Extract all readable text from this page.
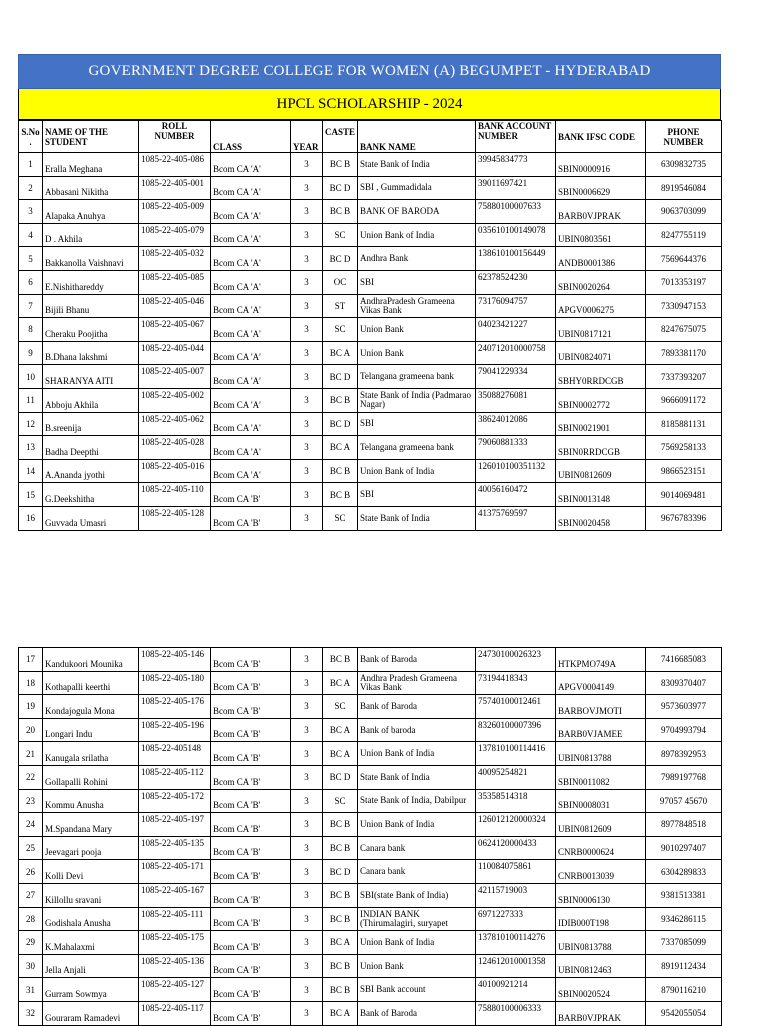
GOVERNMENT DEGREE COLLEGE FOR WOMEN (A) BEGUMPET - HYDERABAD
HPCL SCHOLARSHIP - 2024
S.No .	NAME OF THE STUDENT	ROLL NUMBER	CLASS	YEAR	CASTE	BANK NAME	BANK ACCOUNT NUMBER	BANK IFSC CODE	PHONE NUMBER
1	Eralla Meghana	1085-22-405-086	Bcom CA 'A'	3	BC B	State Bank of India	39945834773	SBIN0000916	6309832735
2	Abbasani Nikitha	1085-22-405-001	Bcom CA 'A'	3	BC D	SBI , Gummadidala	39011697421	SBIN0006629	8919546084
3	Alapaka Anuhya	1085-22-405-009	Bcom CA 'A'	3	BC B	BANK OF BARODA	75880100007633	BARB0VJPRAK	9063703099
4	D . Akhila	1085-22-405-079	Bcom CA 'A'	3	SC	Union Bank of India	035610100149078	UBIN0803561	8247755119
5	Bakkanolla Vaishnavi	1085-22-405-032	Bcom CA 'A'	3	BC D	Andhra Bank	138610100156449	ANDB0001386	7569644376
6	E.Nishithareddy	1085-22-405-085	Bcom CA 'A'	3	OC	SBI	62378524230	SBIN0020264	7013353197
7	Bijili Bhanu	1085-22-405-046	Bcom CA 'A'	3	ST	AndhraPradesh Grameena Vikas Bank	73176094757	APGV0006275	7330947153
8	Cheraku Poojitha	1085-22-405-067	Bcom CA 'A'	3	SC	Union Bank	04023421227	UBIN0817121	8247675075
9	B.Dhana lakshmi	1085-22-405-044	Bcom CA 'A'	3	BC A	Union Bank	240712010000758	UBIN0824071	7893381170
10	SHARANYA AITI	1085-22-405-007	Bcom CA 'A'	3	BC D	Telangana grameena bank	79041229334	SBHY0RRDCGB	7337393207
11	Abboju Akhila	1085-22-405-002	Bcom CA 'A'	3	BC B	State Bank of India (Padmarao Nagar)	35088276081	SBIN0002772	9666091172
12	B.sreenija	1085-22-405-062	Bcom CA 'A'	3	BC D	SBI	38624012086	SBIN0021901	8185881131
13	Badha Deepthi	1085-22-405-028	Bcom CA 'A'	3	BC A	Telangana grameena bank	79060881333	SBIN0RRDCGB	7569258133
14	A.Ananda jyothi	1085-22-405-016	Bcom CA 'A'	3	BC B	Union Bank of India	126010100351132	UBIN0812609	9866523151
15	G.Deekshitha	1085-22-405-110	Bcom CA 'B'	3	BC B	SBI	40056160472	SBIN0013148	9014069481
16	Guvvada Umasri	1085-22-405-128	Bcom CA 'B'	3	SC	State Bank of India	41375769597	SBIN0020458	9676783396
17	Kandukoori Mounika	1085-22-405-146	Bcom CA 'B'	3	BC B	Bank of Baroda	24730100026323	HTKPMO749A	7416685083
18	Kothapalli keerthi	1085-22-405-180	Bcom CA 'B'	3	BC A	Andhra Pradesh Grameena Vikas Bank	73194418343	APGV0004149	8309370407
19	Kondajogula Mona	1085-22-405-176	Bcom CA 'B'	3	SC	Bank of Baroda	75740100012461	BARBOVJMOTI	9573603977
20	Longari Indu	1085-22-405-196	Bcom CA 'B'	3	BC A	Bank of baroda	83260100007396	BARB0VJAMEE	9704993794
21	Kanugala srilatha	1085-22-405148	Bcom CA 'B'	3	BC A	Union Bank of India	137810100114416	UBIN0813788	8978392953
22	Gollapalli Rohini	1085-22-405-112	Bcom CA 'B'	3	BC D	State Bank of India	40095254821	SBIN0011082	7989197768
23	Kommu Anusha	1085-22-405-172	Bcom CA 'B'	3	SC	State Bank of India, Dabilpur	35358514318	SBIN0008031	97057 45670
24	M.Spandana Mary	1085-22-405-197	Bcom CA 'B'	3	BC B	Union Bank of India	126012120000324	UBIN0812609	8977848518
25	Jeevagari pooja	1085-22-405-135	Bcom CA 'B'	3	BC B	Canara bank	0624120000433	CNRB0000624	9010297407
26	Kolli Devi	1085-22-405-171	Bcom CA 'B'	3	BC D	Canara bank	110084075861	CNRB0013039	6304289833
27	Killollu sravani	1085-22-405-167	Bcom CA 'B'	3	BC B	SBI(state Bank of India)	42115719003	SBIN0006130	9381513381
28	Godishala Anusha	1085-22-405-111	Bcom CA 'B'	3	BC B	INDIAN BANK (Thirumalagiri, suryapet	6971227333	IDIB000T198	9346286115
29	K.Mahalaxmi	1085-22-405-175	Bcom CA 'B'	3	BC A	Union Bank of India	137810100114276	UBIN0813788	7337085099
30	Jella Anjali	1085-22-405-136	Bcom CA 'B'	3	BC B	Union Bank	124612010001358	UBIN0812463	8919112434
31	Gurram Sowmya	1085-22-405-127	Bcom CA 'B'	3	BC B	SBI Bank account	40100921214	SBIN0020524	8790116210
32	Gouraram Ramadevi	1085-22-405-117	Bcom CA 'B'	3	BC A	Bank of Baroda	75880100006333	BARB0VJPRAK	9542055054
